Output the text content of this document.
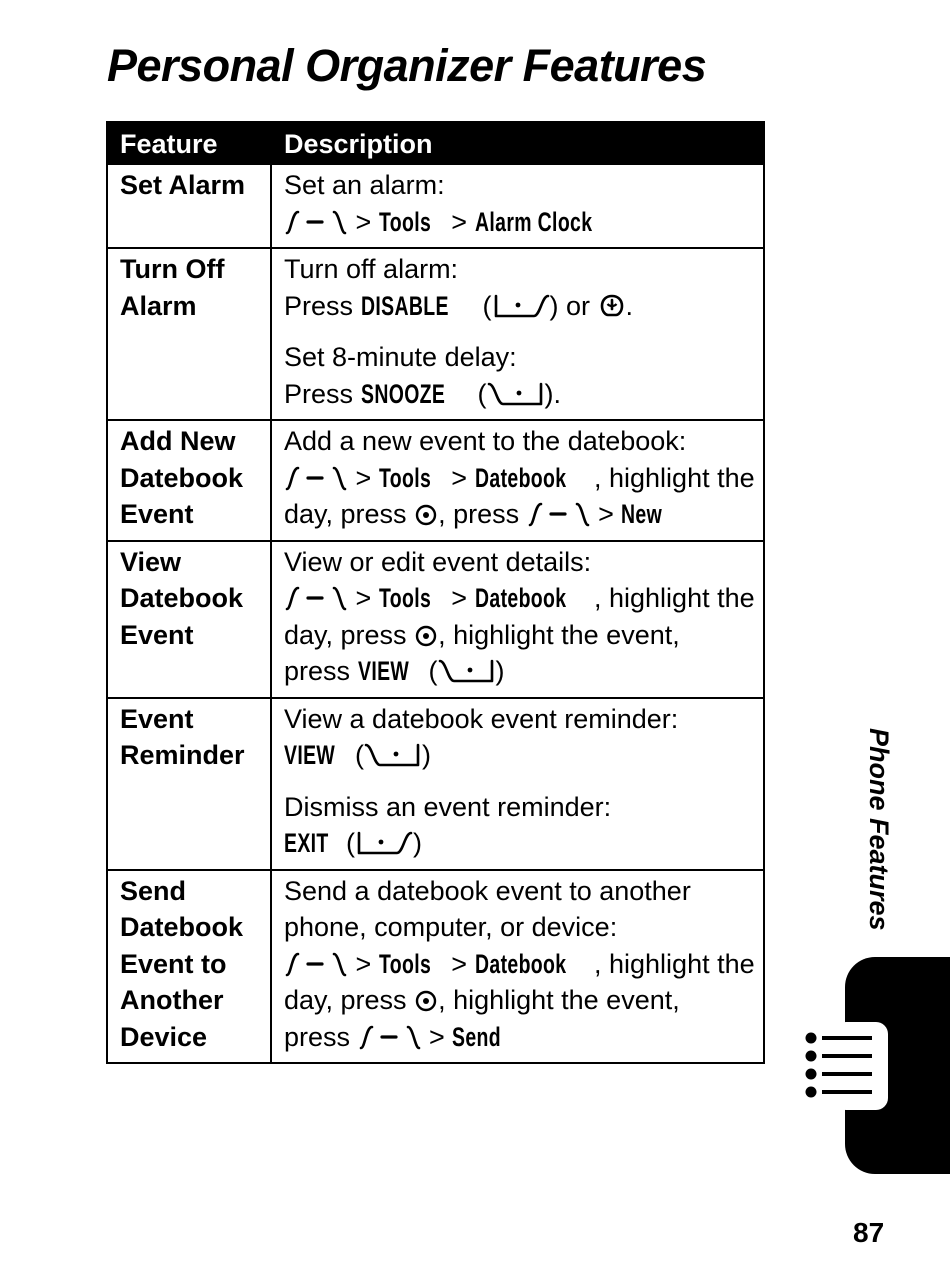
Personal Organizer Features
Feature	Description
Set Alarm	Set an alarm:
> Tools > Alarm Clock

Turn Off Alarm	Turn off alarm:
Press DISABLE ( ) or .
Set 8-minute delay:
Press SNOOZE ( ).

Add New Datebook Event	Add a new event to the datebook:
> Tools > Datebook , highlight the
day, press , press  > New

View Datebook Event	View or edit event details:
> Tools > Datebook , highlight the
day, press , highlight the event,
press VIEW ( )

Event Reminder	View a datebook event reminder:
VIEW ( )
Dismiss an event reminder:
EXIT ( )

Send Datebook Event to Another Device	Send a datebook event to another
phone, computer, or device:
> Tools > Datebook , highlight the
day, press , highlight the event,
press  > Send
Phone Features
87
